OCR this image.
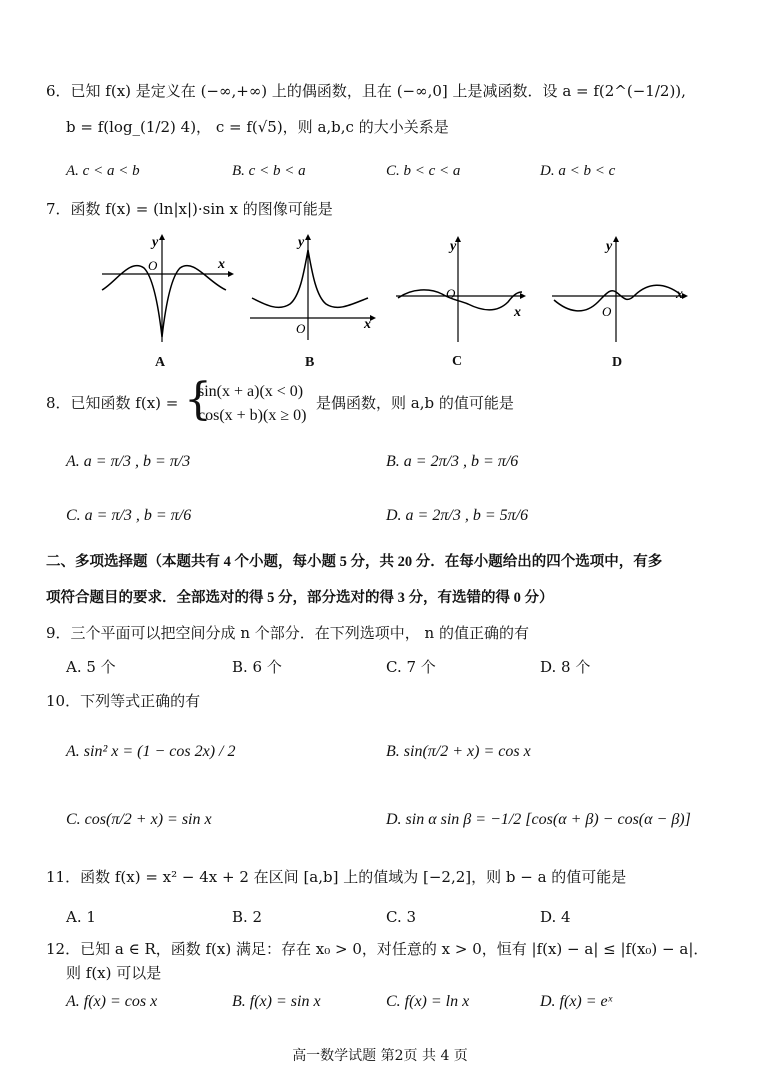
6．已知 f(x) 是定义在 (−∞,+∞) 上的偶函数，且在 (−∞,0] 上是减函数．设 a = f(2^(−1/2)),
b = f(log_(1/2) 4)， c = f(√5)，则 a,b,c 的大小关系是
A. c < a < b	B. c < b < a	C. b < c < a	D. a < b < c
7．函数 f(x) = (ln|x|)·sin x 的图像可能是
y
O	x
A
y
O	x
B
y
O
x
C
y
O
x
D
8．已知函数 f(x) = {
sin(x + a)(x < 0)
cos(x + b)(x ≥ 0)
是偶函数，则 a,b 的值可能是
A. a = π/3 , b = π/3	B. a = 2π/3 , b = π/6
C. a = π/3 , b = π/6	D. a = 2π/3 , b = 5π/6
二、多项选择题（本题共有 4 个小题，每小题 5 分，共 20 分．在每小题给出的四个选项中，有多
项符合题目的要求．全部选对的得 5 分，部分选对的得 3 分，有选错的得 0 分）
9．三个平面可以把空间分成 n 个部分．在下列选项中， n 的值正确的有
A. 5 个	B. 6 个	C. 7 个	D. 8 个
10．下列等式正确的有
A. sin² x = (1 − cos 2x) / 2	B. sin(π/2 + x) = cos x
C. cos(π/2 + x) = sin x	D. sin α sin β = −1/2 [cos(α + β) − cos(α − β)]
11．函数 f(x) = x² − 4x + 2 在区间 [a,b] 上的值域为 [−2,2]，则 b − a 的值可能是
A. 1	B. 2	C. 3	D. 4
12．已知 a ∈ R，函数 f(x) 满足：存在 x₀ > 0，对任意的 x > 0，恒有 |f(x) − a| ≤ |f(x₀) − a|．
则 f(x) 可以是
A. f(x) = cos x	B. f(x) = sin x	C. f(x) = ln x	D. f(x) = eˣ
高一数学试题 第2页 共 4 页
